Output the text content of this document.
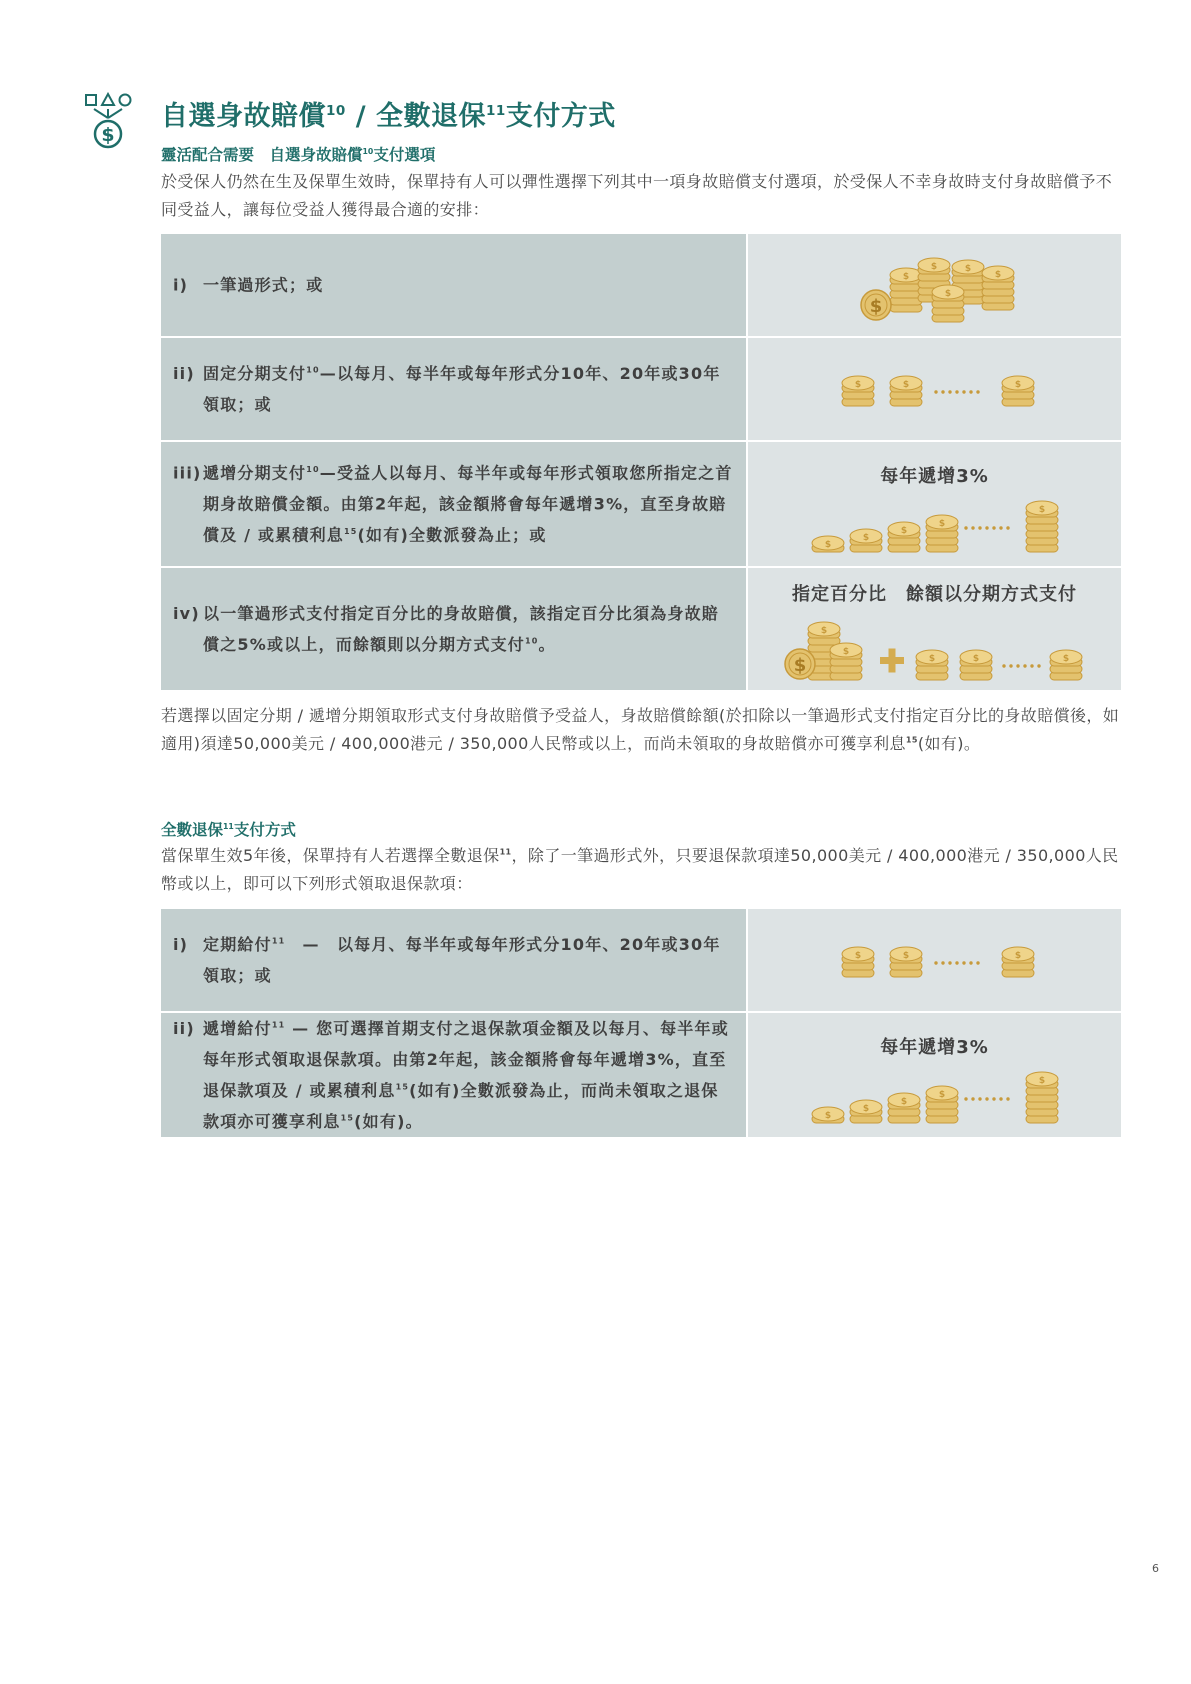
$
自選身故賠償$^{10}$ / 全數退保$^{11}$支付方式
靈活配合需要　自選身故賠償$^{10}$支付選項

於受保人仍然在生及保單生效時，保單持有人可以彈性選擇下列其中一項身故賠償支付選項，於受保人不幸身故時支付身故賠償予不同受益人，讓每位受益人獲得最合適的安排：

i) 一筆過形式；或
$
ii) 固定分期支付$^{10}$—以每月、每半年或每年形式分10年、20年或30年領取；或
iii) 遞增分期支付$^{10}$—受益人以每月、每半年或每年形式領取您所指定之首期身故賠償金額。由第2年起，該金額將會每年遞增3%，直至身故賠償及 / 或累積利息$^{15}$(如有)全數派發為止；或
每年遞增3%
iv) 以一筆過形式支付指定百分比的身故賠償，該指定百分比須為身故賠償之5%或以上，而餘額則以分期方式支付$^{10}$。
指定百分比　餘額以分期方式支付
$

若選擇以固定分期 / 遞增分期領取形式支付身故賠償予受益人，身故賠償餘額(於扣除以一筆過形式支付指定百分比的身故賠償後，如適用)須達50,000美元 / 400,000港元 / 350,000人民幣或以上，而尚未領取的身故賠償亦可獲享利息$^{15}$(如有)。

全數退保$^{11}$支付方式

當保單生效5年後，保單持有人若選擇全數退保$^{11}$，除了一筆過形式外，只要退保款項達50,000美元 / 400,000港元 / 350,000人民幣或以上，即可以下列形式領取退保款項：

i) 定期給付$^{11}$　—　以每月、每半年或每年形式分10年、20年或30年領取；或
ii) 遞增給付$^{11}$ — 您可選擇首期支付之退保款項金額及以每月、每半年或每年形式領取退保款項。由第2年起，該金額將會每年遞增3%，直至退保款項及 / 或累積利息$^{15}$(如有)全數派發為止，而尚未領取之退保款項亦可獲享利息$^{15}$(如有)。
每年遞增3%
6
